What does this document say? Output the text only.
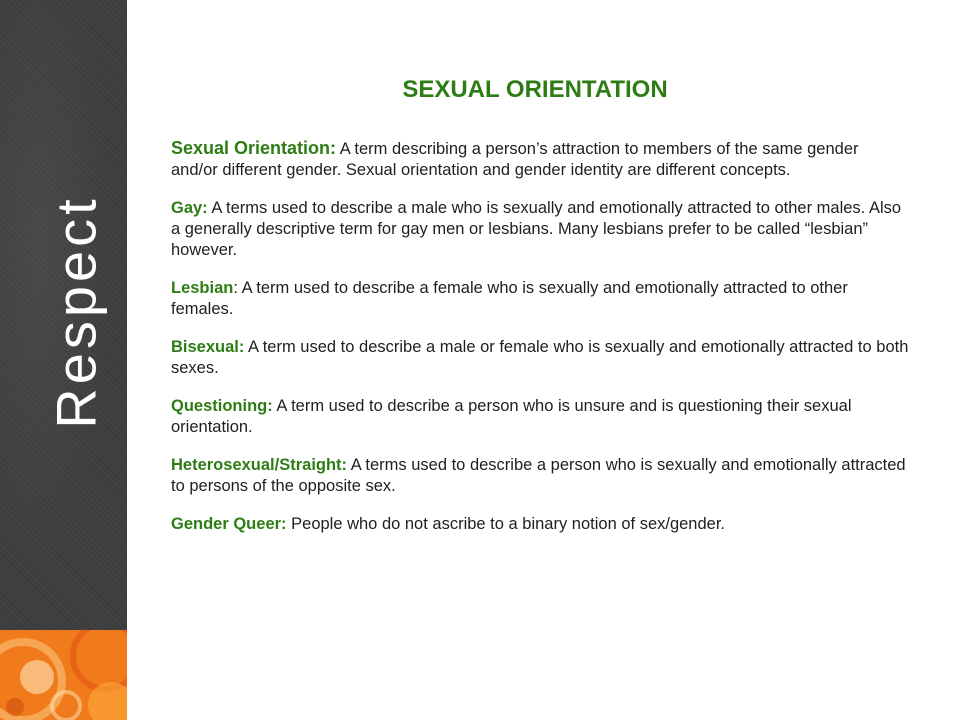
Respect
SEXUAL ORIENTATION

Sexual Orientation: A term describing a person’s attraction to members of the same gender and/or different gender. Sexual orientation and gender identity are different concepts.

Gay: A terms used to describe a male who is sexually and emotionally attracted to other males. Also a generally descriptive term for gay men or lesbians. Many lesbians prefer to be called “lesbian” however.

Lesbian: A term used to describe a female who is sexually and emotionally attracted to other females.

Bisexual: A term used to describe a male or female who is sexually and emotionally attracted to both sexes.

Questioning: A term used to describe a person who is unsure and is questioning their sexual orientation.

Heterosexual/Straight: A terms used to describe a person who is sexually and emotionally attracted to persons of the opposite sex.

Gender Queer: People who do not ascribe to a binary notion of sex/gender.
